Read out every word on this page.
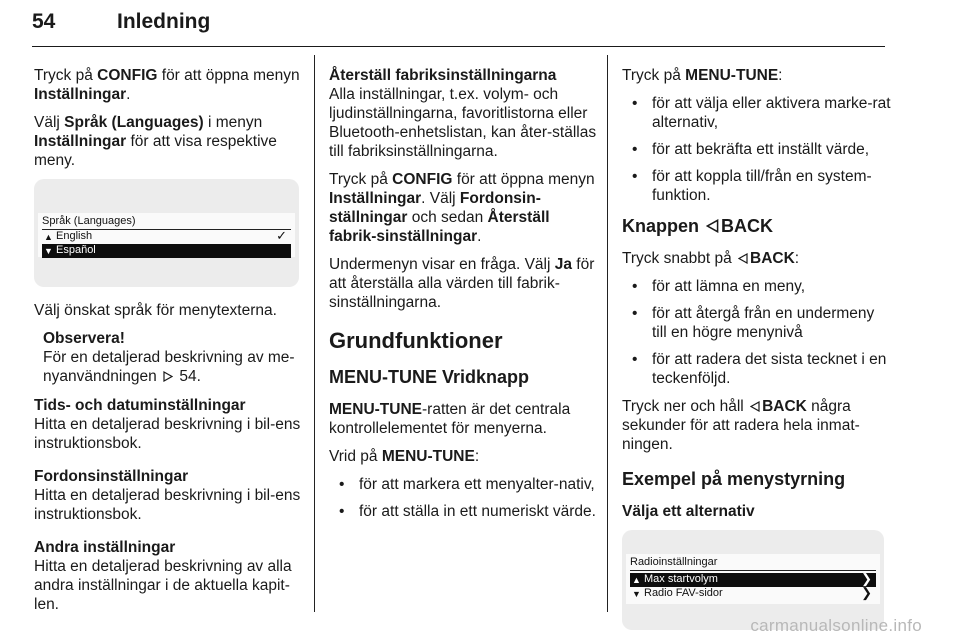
54	Inledning

Tryck på CONFIG för att öppna menyn Inställningar.

Välj Språk (Languages) i menyn Inställningar för att visa respektive meny.

Språk (Languages)
▲ English	✓
▼ Español

Välj önskat språk för menytexterna.

Observera!
För en detaljerad beskrivning av me-nyanvändningen  54.

Tids- och datuminställningar
Hitta en detaljerad beskrivning i bil-ens instruktionsbok.

Fordonsinställningar
Hitta en detaljerad beskrivning i bil-ens instruktionsbok.

Andra inställningar
Hitta en detaljerad beskrivning av alla andra inställningar i de aktuella kapit-len.

Återställ fabriksinställningarna
Alla inställningar, t.ex. volym- och ljudinställningarna, favoritlistorna eller Bluetooth-enhetslistan, kan åter-ställas till fabriksinställningarna.

Tryck på CONFIG för att öppna menyn Inställningar. Välj Fordonsin-ställningar och sedan Återställ fabrik-sinställningar.

Undermenyn visar en fråga. Välj Ja för att återställa alla värden till fabrik-sinställningarna.

Grundfunktioner
MENU-TUNE Vridknapp

MENU-TUNE-ratten är det centrala kontrollelementet för menyerna.

Vrid på MENU-TUNE:

• för att markera ett menyalter-nativ,
• för att ställa in ett numeriskt värde.

Tryck på MENU-TUNE:

• för att välja eller aktivera marke-rat alternativ,
• för att bekräfta ett inställt värde,
• för att koppla till/från en system-funktion.
Knappen BACK

Tryck snabbt på BACK:

• för att lämna en meny,
• för att återgå från en undermeny till en högre menynivå
• för att radera det sista tecknet i en teckenföljd.

Tryck ner och håll BACK några sekunder för att radera hela inmat-ningen.

Exempel på menystyrning
Välja ett alternativ
Radioinställningar
▲ Max startvolym	❯
▼ Radio FAV-sidor	❯
carmanualsonline.info
